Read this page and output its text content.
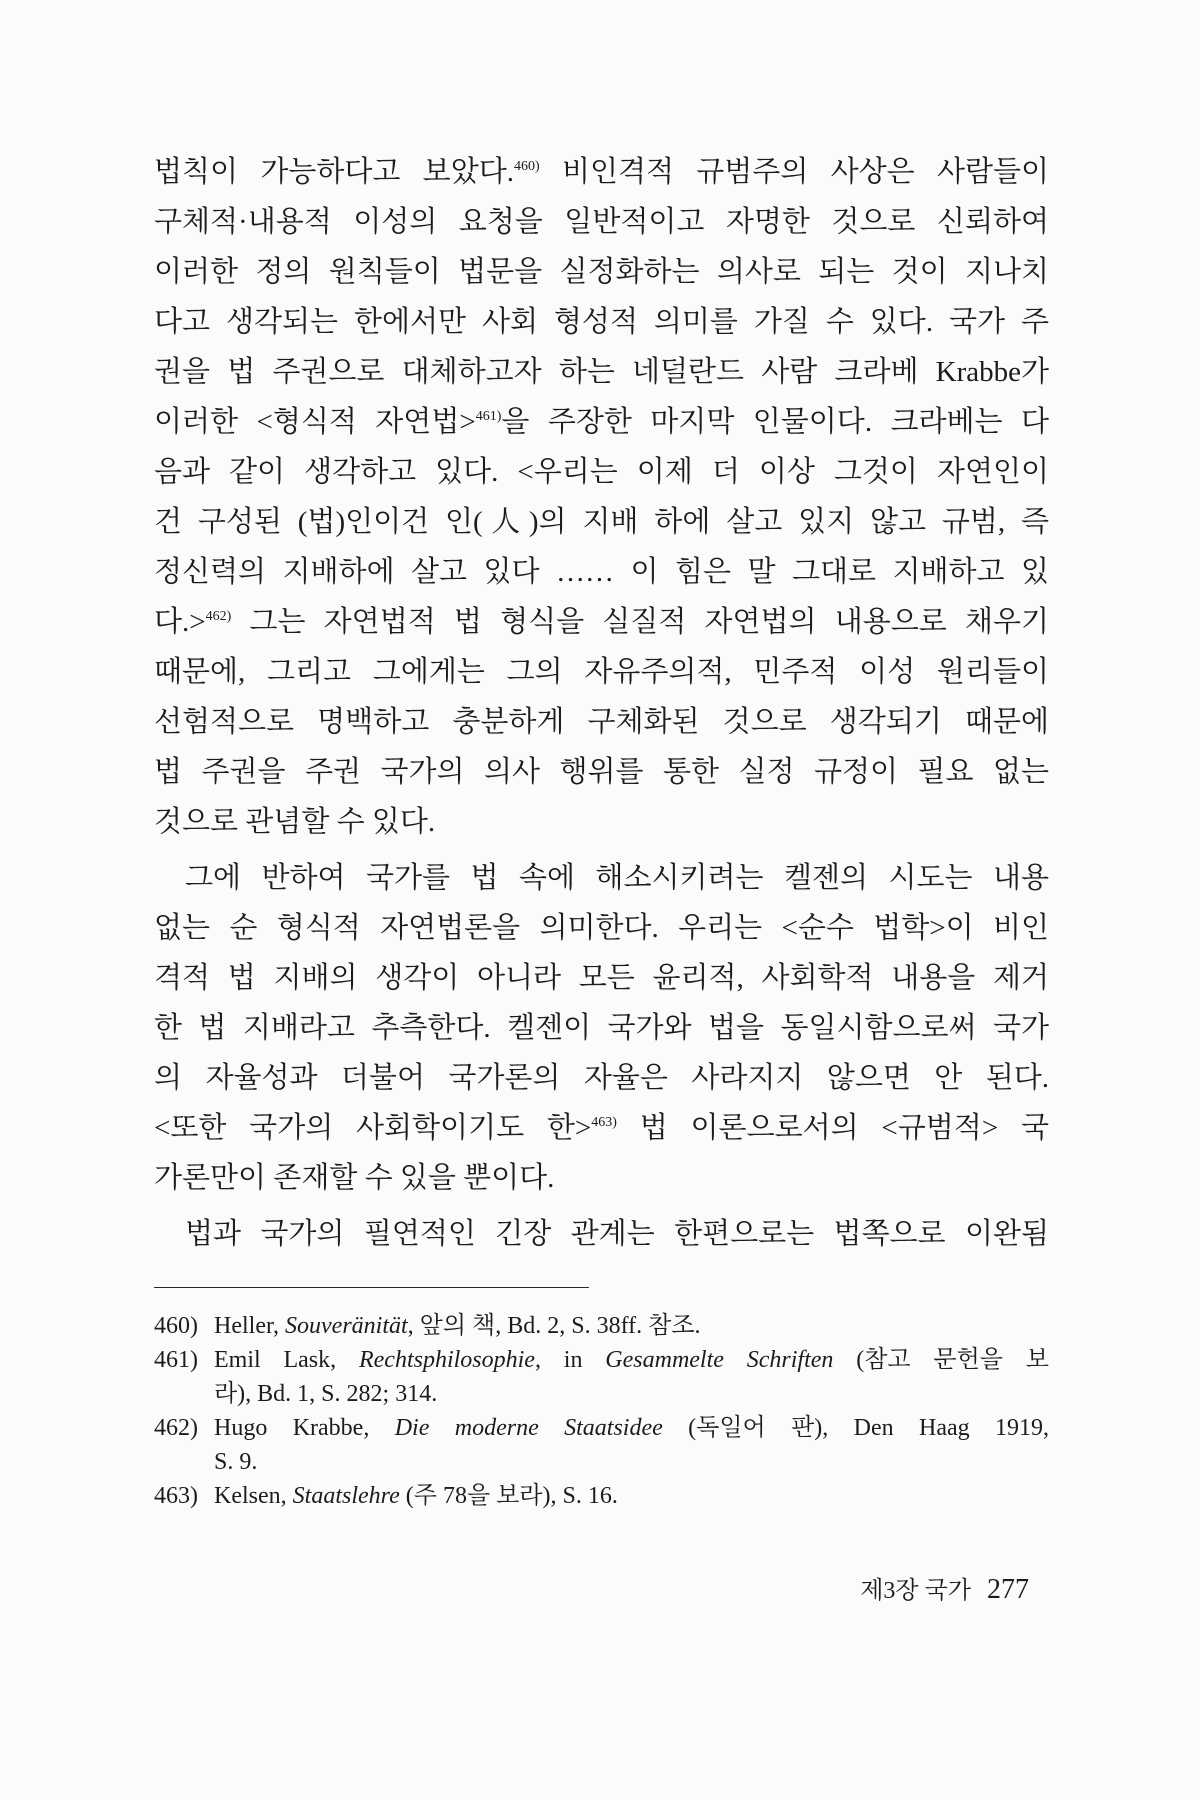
법칙이 가능하다고 보았다.$^{460)}$ 비인격적 규범주의 사상은 사람들이
구체적·내용적 이성의 요청을 일반적이고 자명한 것으로 신뢰하여
이러한 정의 원칙들이 법문을 실정화하는 의사로 되는 것이 지나치
다고 생각되는 한에서만 사회 형성적 의미를 가질 수 있다. 국가 주
권을 법 주권으로 대체하고자 하는 네덜란드 사람 크라베 Krabbe가
이러한 <형식적 자연법>$^{461)}$을 주장한 마지막 인물이다. 크라베는 다
음과 같이 생각하고 있다. <우리는 이제 더 이상 그것이 자연인이
건 구성된 (법)인이건 인(人)의 지배 하에 살고 있지 않고 규범, 즉
정신력의 지배하에 살고 있다 …… 이 힘은 말 그대로 지배하고 있
다.>$^{462)}$ 그는 자연법적 법 형식을 실질적 자연법의 내용으로 채우기
때문에, 그리고 그에게는 그의 자유주의적, 민주적 이성 원리들이
선험적으로 명백하고 충분하게 구체화된 것으로 생각되기 때문에
법 주권을 주권 국가의 의사 행위를 통한 실정 규정이 필요 없는
것으로 관념할 수 있다.
그에 반하여 국가를 법 속에 해소시키려는 켈젠의 시도는 내용
없는 순 형식적 자연법론을 의미한다. 우리는 <순수 법학>이 비인
격적 법 지배의 생각이 아니라 모든 윤리적, 사회학적 내용을 제거
한 법 지배라고 추측한다. 켈젠이 국가와 법을 동일시함으로써 국가
의 자율성과 더불어 국가론의 자율은 사라지지 않으면 안 된다.
<또한 국가의 사회학이기도 한>$^{463)}$ 법 이론으로서의 <규범적> 국
가론만이 존재할 수 있을 뿐이다.
법과 국가의 필연적인 긴장 관계는 한편으로는 법쪽으로 이완됨
460) Heller, Souveränität, 앞의 책, Bd. 2, S. 38ff. 참조.
461) Emil Lask, Rechtsphilosophie, in Gesammelte Schriften (참고 문헌을 보
라), Bd. 1, S. 282; 314.
462) Hugo Krabbe, Die moderne Staatsidee (독일어 판), Den Haag 1919,
S. 9.
463) Kelsen, Staatslehre (주 78을 보라), S. 16.
제3장 국가 277
